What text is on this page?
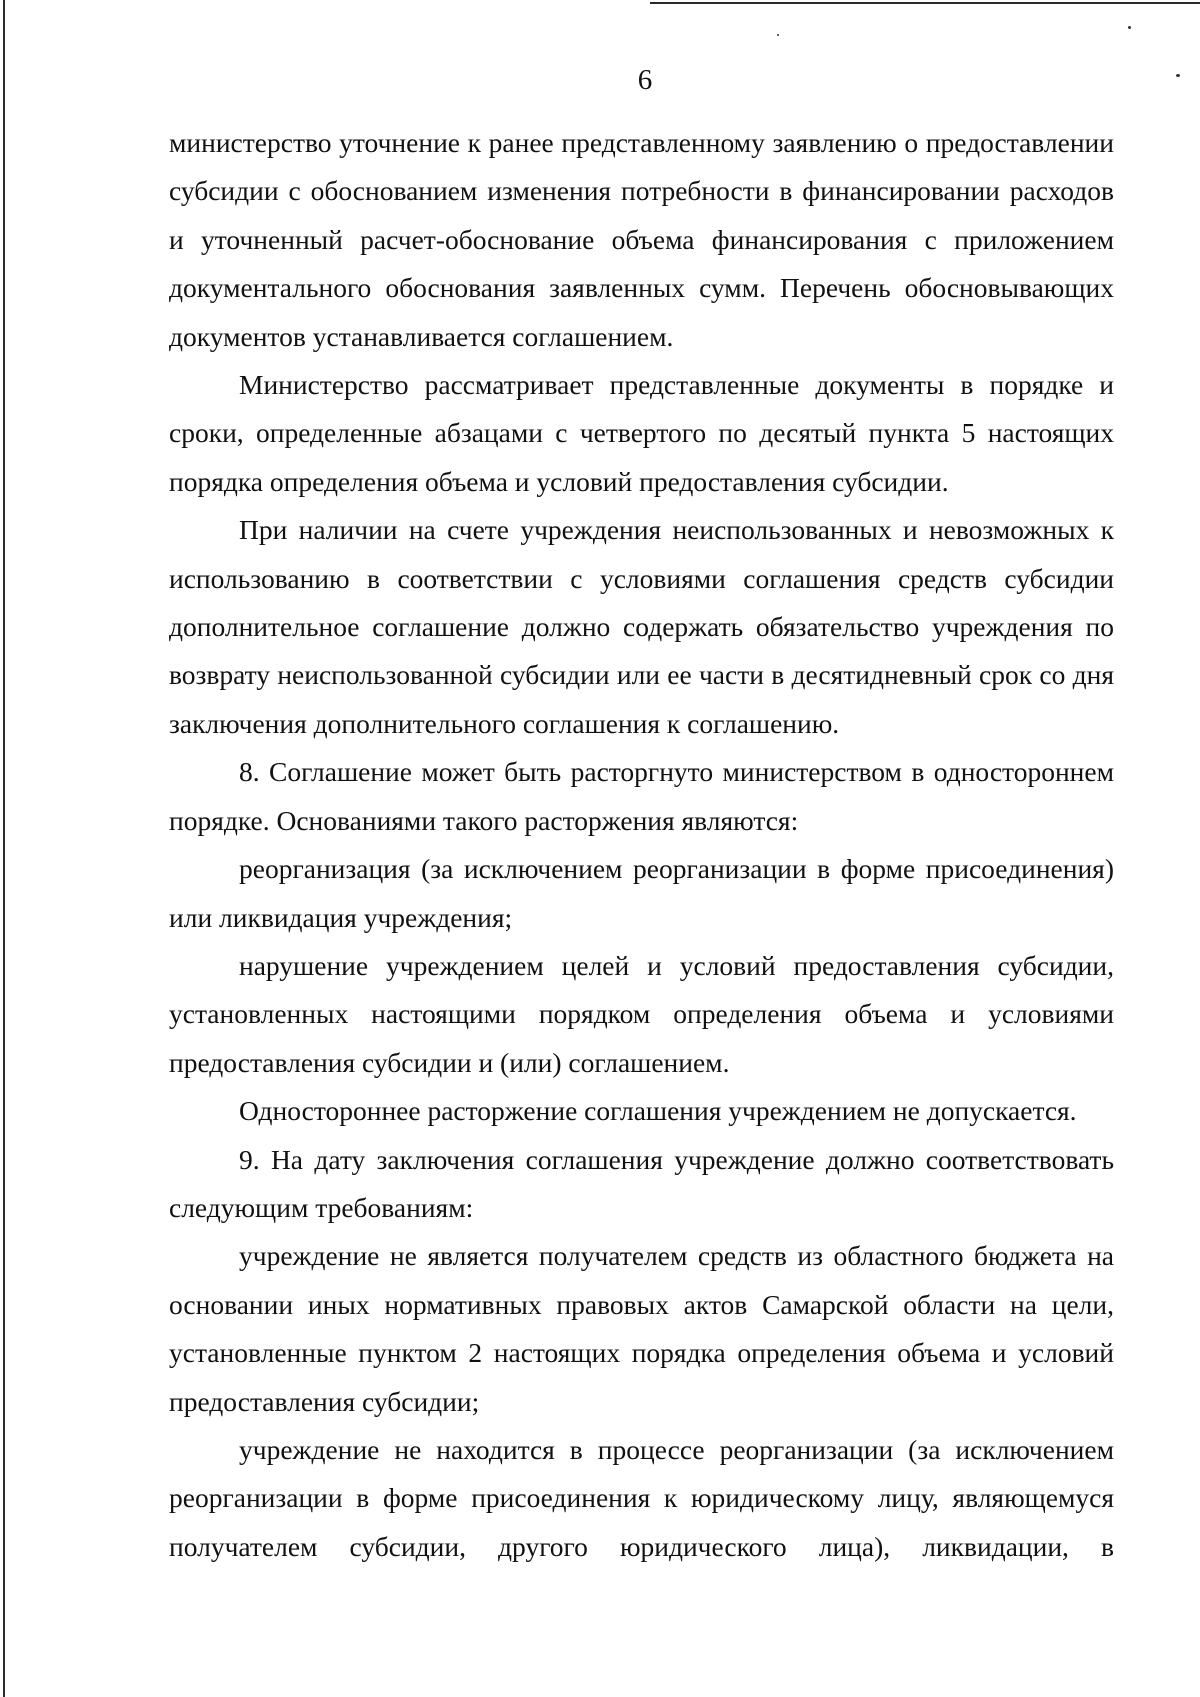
6

министерство уточнение к ранее представленному заявлению о предоставлении субсидии с обоснованием изменения потребности в финансировании расходов и уточненный расчет-обоснование объема финансирования с приложением документального обоснования заявленных сумм. Перечень обосновывающих документов устанавливается соглашением.

Министерство рассматривает представленные документы в порядке и сроки, определенные абзацами с четвертого по десятый пункта 5 настоящих порядка определения объема и условий предоставления субсидии.

При наличии на счете учреждения неиспользованных и невозможных к использованию в соответствии с условиями соглашения средств субсидии дополнительное соглашение должно содержать обязательство учреждения по возврату неиспользованной субсидии или ее части в десятидневный срок со дня заключения дополнительного соглашения к соглашению.

8. Соглашение может быть расторгнуто министерством в одностороннем порядке. Основаниями такого расторжения являются:

реорганизация (за исключением реорганизации в форме присоединения) или ликвидация учреждения;

нарушение учреждением целей и условий предоставления субсидии, установленных настоящими порядком определения объема и условиями предоставления субсидии и (или) соглашением.

Одностороннее расторжение соглашения учреждением не допускается.

9. На дату заключения соглашения учреждение должно соответствовать следующим требованиям:

учреждение не является получателем средств из областного бюджета на основании иных нормативных правовых актов Самарской области на цели, установленные пунктом 2 настоящих порядка определения объема и условий предоставления субсидии;

учреждение не находится в процессе реорганизации (за исключением реорганизации в форме присоединения к юридическому лицу, являющемуся получателем субсидии, другого юридического лица), ликвидации, в
